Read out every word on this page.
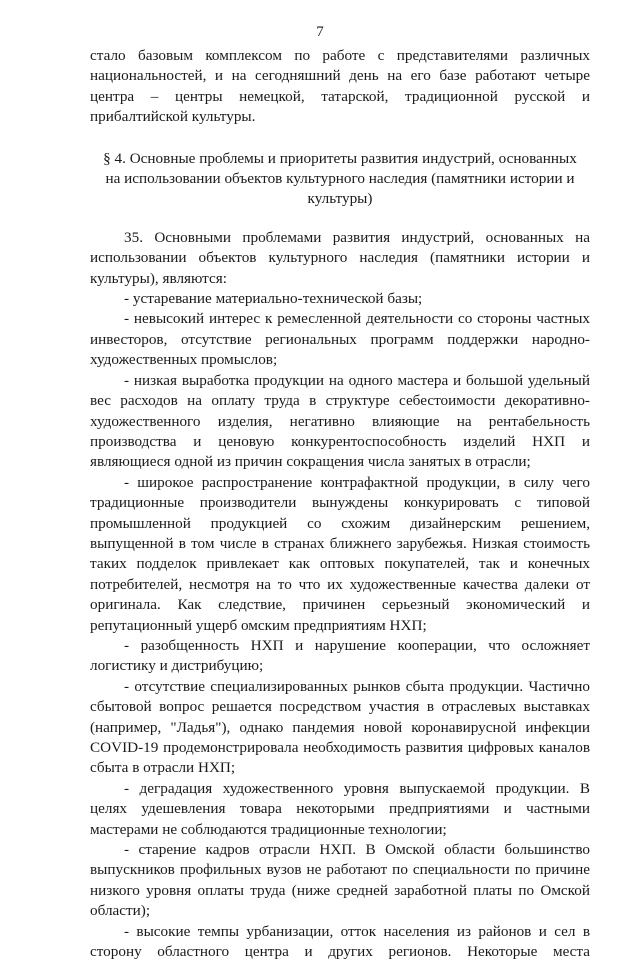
7

стало базовым комплексом по работе с представителями различных национальностей, и на сегодняшний день на его базе работают четыре центра – центры немецкой, татарской, традиционной русской и прибалтийской культуры.

§ 4. Основные проблемы и приоритеты развития индустрий, основанных на использовании объектов культурного наследия (памятники истории и культуры)

35. Основными проблемами развития индустрий, основанных на использовании объектов культурного наследия (памятники истории и культуры), являются:

- устаревание материально-технической базы;

- невысокий интерес к ремесленной деятельности со стороны частных инвесторов, отсутствие региональных программ поддержки народно-художественных промыслов;

- низкая выработка продукции на одного мастера и большой удельный вес расходов на оплату труда в структуре себестоимости декоративно-художественного изделия, негативно влияющие на рентабельность производства и ценовую конкурентоспособность изделий НХП и являющиеся одной из причин сокращения числа занятых в отрасли;

- широкое распространение контрафактной продукции, в силу чего традиционные производители вынуждены конкурировать с типовой промышленной продукцией со схожим дизайнерским решением, выпущенной в том числе в странах ближнего зарубежья. Низкая стоимость таких подделок привлекает как оптовых покупателей, так и конечных потребителей, несмотря на то что их художественные качества далеки от оригинала. Как следствие, причинен серьезный экономический и репутационный ущерб омским предприятиям НХП;

- разобщенность НХП и нарушение кооперации, что осложняет логистику и дистрибуцию;

- отсутствие специализированных рынков сбыта продукции. Частично сбытовой вопрос решается посредством участия в отраслевых выставках (например, "Ладья"), однако пандемия новой коронавирусной инфекции COVID-19 продемонстрировала необходимость развития цифровых каналов сбыта в отрасли НХП;

- деградация художественного уровня выпускаемой продукции. В целях удешевления товара некоторыми предприятиями и частными мастерами не соблюдаются традиционные технологии;

- старение кадров отрасли НХП. В Омской области большинство выпускников профильных вузов не работают по специальности по причине низкого уровня оплаты труда (ниже средней заработной платы по Омской области);

- высокие темпы урбанизации, отток населения из районов и сел в сторону областного центра и других регионов. Некоторые места
